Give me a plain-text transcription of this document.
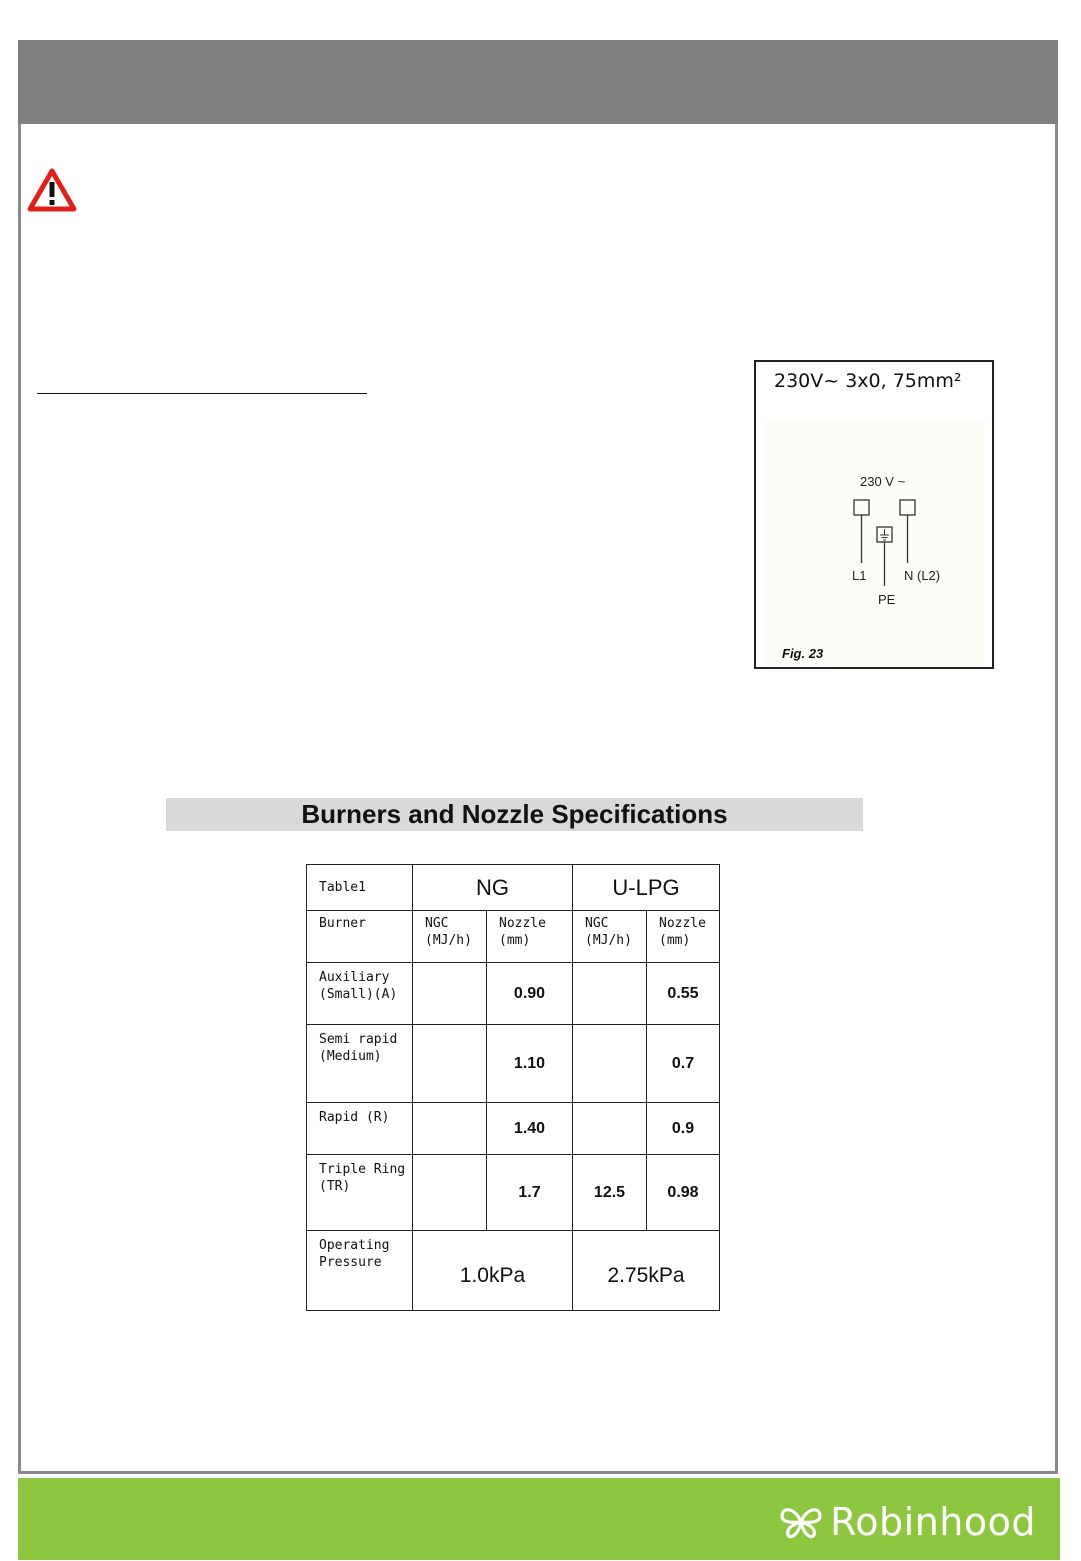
230V~ 3x0, 75mm²
230 V ~
L1	N (L2)
PE
Fig. 23
Burners and Nozzle Specifications
Table1	NG		U-LPG	
Burner	NGC (MJ/h)	Nozzle (mm)	NGC (MJ/h)	Nozzle (mm)
Auxiliary (Small)(A)		0.90		0.55
Semi rapid (Medium)		1.10		0.7
Rapid (R)		1.40		0.9
Triple Ring (TR)		1.7	12.5	0.98
Operating Pressure	1.0kPa		2.75kPa	
Robinhood
